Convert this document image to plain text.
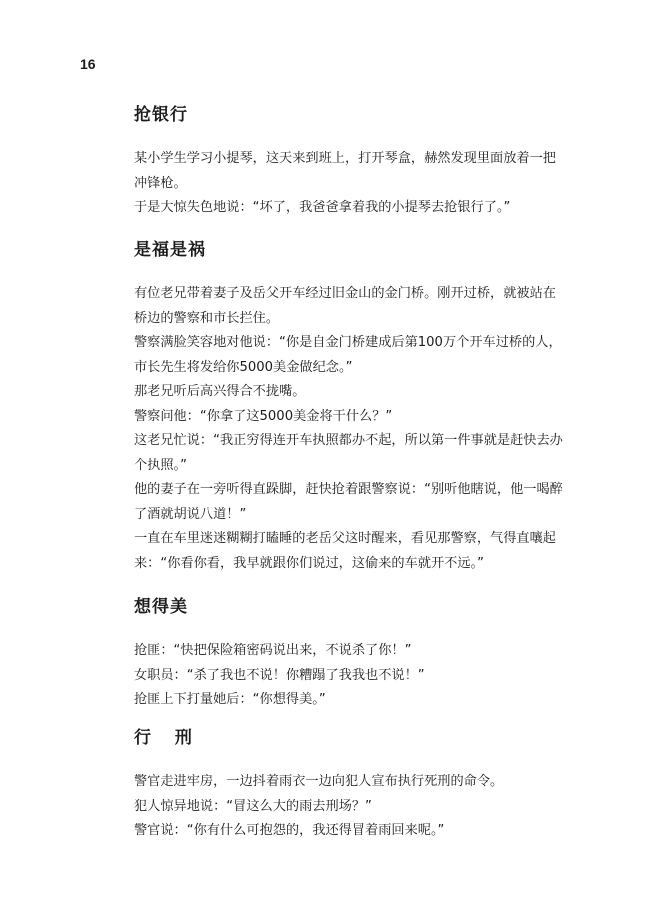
16
抢银行

某小学生学习小提琴，这天来到班上，打开琴盒，赫然发现里面放着一把冲锋枪。

于是大惊失色地说：“坏了，我爸爸拿着我的小提琴去抢银行了。”

是福是祸

有位老兄带着妻子及岳父开车经过旧金山的金门桥。刚开过桥，就被站在桥边的警察和市长拦住。

警察满脸笑容地对他说：“你是自金门桥建成后第100万个开车过桥的人，市长先生将发给你5000美金做纪念。”

那老兄听后高兴得合不拢嘴。

警察问他：“你拿了这5000美金将干什么？”

这老兄忙说：“我正穷得连开车执照都办不起，所以第一件事就是赶快去办个执照。”

他的妻子在一旁听得直跺脚，赶快抢着跟警察说：“别听他瞎说，他一喝醉了酒就胡说八道！”

一直在车里迷迷糊糊打瞌睡的老岳父这时醒来，看见那警察，气得直嚷起来：“你看你看，我早就跟你们说过，这偷来的车就开不远。”

想得美

抢匪：“快把保险箱密码说出来，不说杀了你！”

女职员：“杀了我也不说！你糟蹋了我我也不说！”

抢匪上下打量她后：“你想得美。”

行 刑

警官走进牢房，一边抖着雨衣一边向犯人宣布执行死刑的命令。

犯人惊异地说：“冒这么大的雨去刑场？”

警官说：“你有什么可抱怨的，我还得冒着雨回来呢。”
